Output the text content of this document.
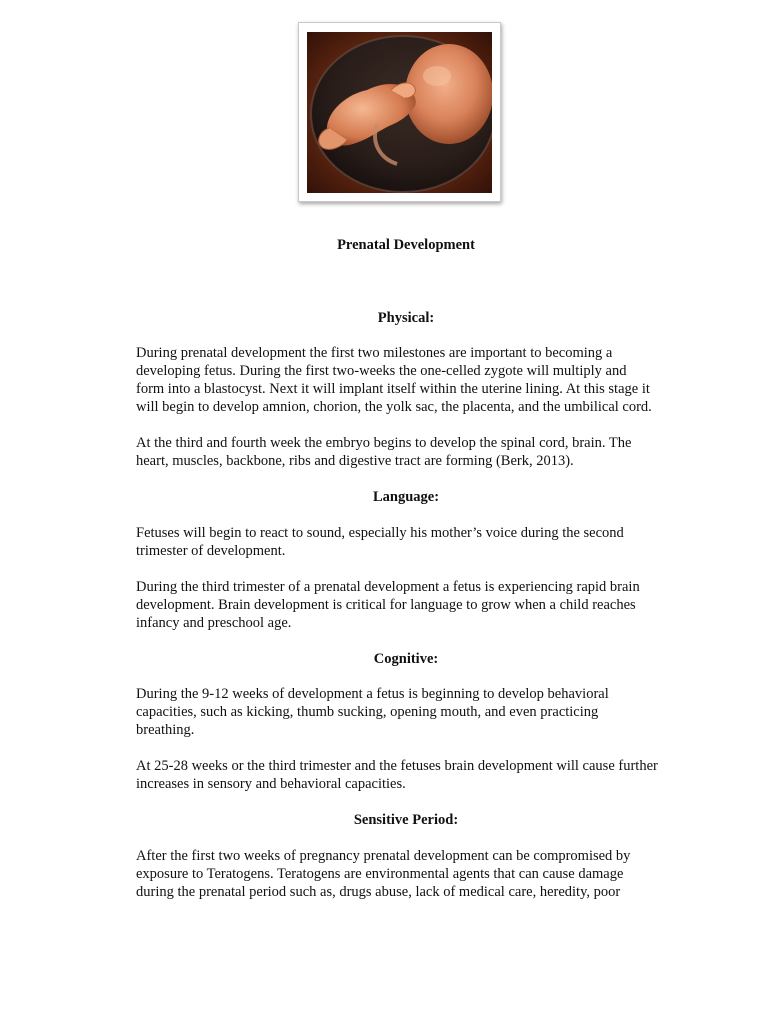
Prenatal Development
Physical:

During prenatal development the first two milestones are important to becoming a
developing fetus. During the first two-weeks the one-celled zygote will multiply and
form into a blastocyst. Next it will implant itself within the uterine lining. At this stage it
will begin to develop amnion, chorion, the yolk sac, the placenta, and the umbilical cord.

At the third and fourth week the embryo begins to develop the spinal cord, brain. The
heart, muscles, backbone, ribs and digestive tract are forming (Berk, 2013).

Language:

Fetuses will begin to react to sound, especially his mother’s voice during the second
trimester of development.

During the third trimester of a prenatal development a fetus is experiencing rapid brain
development. Brain development is critical for language to grow when a child reaches
infancy and preschool age.

Cognitive:

During the 9-12 weeks of development a fetus is beginning to develop behavioral
capacities, such as kicking, thumb sucking, opening mouth, and even practicing
breathing.

At 25-28 weeks or the third trimester and the fetuses brain development will cause further
increases in sensory and behavioral capacities.

Sensitive Period:

After the first two weeks of pregnancy prenatal development can be compromised by
exposure to Teratogens. Teratogens are environmental agents that can cause damage
during the prenatal period such as, drugs abuse, lack of medical care, heredity, poor
